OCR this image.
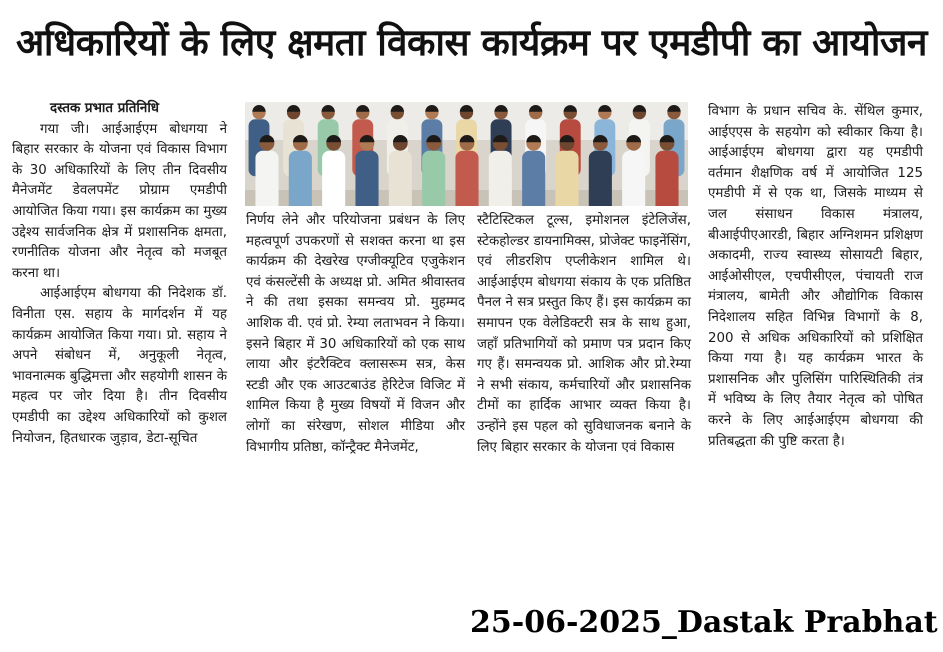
अधिकारियों के लिए क्षमता विकास कार्यक्रम पर एमडीपी का आयोजन

दस्तक प्रभात प्रतिनिधि

गया जी। आईआईएम बोधगया ने बिहार सरकार के योजना एवं विकास विभाग के 30 अधिकारियों के लिए तीन दिवसीय मैनेजमेंट डेवलपमेंट प्रोग्राम एमडीपी आयोजित किया गया। इस कार्यक्रम का मुख्य उद्देश्य सार्वजनिक क्षेत्र में प्रशासनिक क्षमता, रणनीतिक योजना और नेतृत्व को मजबूत करना था।

आईआईएम बोधगया की निदेशक डॉ. विनीता एस. सहाय के मार्गदर्शन में यह कार्यक्रम आयोजित किया गया। प्रो. सहाय ने अपने संबोधन में, अनुकूली नेतृत्व, भावनात्मक बुद्धिमत्ता और सहयोगी शासन के महत्व पर जोर दिया है। तीन दिवसीय एमडीपी का उद्देश्य अधिकारियों को कुशल नियोजन, हितधारक जुड़ाव, डेटा-सूचित

निर्णय लेने और परियोजना प्रबंधन के लिए महत्वपूर्ण उपकरणों से सशक्त करना था इस कार्यक्रम की देखरेख एग्जीक्यूटिव एजुकेशन एवं कंसल्टेंसी के अध्यक्ष प्रो. अमित श्रीवास्तव ने की तथा इसका समन्वय प्रो. मुहम्मद आशिक वी. एवं प्रो. रेम्या लताभवन ने किया। इसने बिहार में 30 अधिकारियों को एक साथ लाया और इंटरैक्टिव क्लासरूम सत्र, केस स्टडी और एक आउटबाउंड हेरिटेज विजिट में शामिल किया है मुख्य विषयों में विजन और लोगों का संरेखण, सोशल मीडिया और विभागीय प्रतिष्ठा, कॉन्ट्रैक्ट मैनेजमेंट,

स्टैटिस्टिकल टूल्स, इमोशनल इंटेलिजेंस, स्टेकहोल्डर डायनामिक्स, प्रोजेक्ट फाइनेंसिंग, एवं लीडरशिप एप्लीकेशन शामिल थे। आईआईएम बोधगया संकाय के एक प्रतिष्ठित पैनल ने सत्र प्रस्तुत किए हैं। इस कार्यक्रम का समापन एक वेलेडिक्टरी सत्र के साथ हुआ, जहाँ प्रतिभागियों को प्रमाण पत्र प्रदान किए गए हैं। समन्वयक प्रो. आशिक और प्रो.रेम्या ने सभी संकाय, कर्मचारियों और प्रशासनिक टीमों का हार्दिक आभार व्यक्त किया है। उन्होंने इस पहल को सुविधाजनक बनाने के लिए बिहार सरकार के योजना एवं विकास

विभाग के प्रधान सचिव के. सेंथिल कुमार, आईएएस के सहयोग को स्वीकार किया है।आईआईएम बोधगया द्वारा यह एमडीपी वर्तमान शैक्षणिक वर्ष में आयोजित 125 एमडीपी में से एक था, जिसके माध्यम से जल संसाधन विकास मंत्रालय, बीआईपीएआरडी, बिहार अग्निशमन प्रशिक्षण अकादमी, राज्य स्वास्थ्य सोसायटी बिहार, आईओसीएल, एचपीसीएल, पंचायती राज मंत्रालय, बामेती और औद्योगिक विकास निदेशालय सहित विभिन्न विभागों के 8, 200 से अधिक अधिकारियों को प्रशिक्षित किया गया है। यह कार्यक्रम भारत के प्रशासनिक और पुलिसिंग पारिस्थितिकी तंत्र में भविष्य के लिए तैयार नेतृत्व को पोषित करने के लिए आईआईएम बोधगया की प्रतिबद्धता की पुष्टि करता है।

25-06-2025_Dastak Prabhat
